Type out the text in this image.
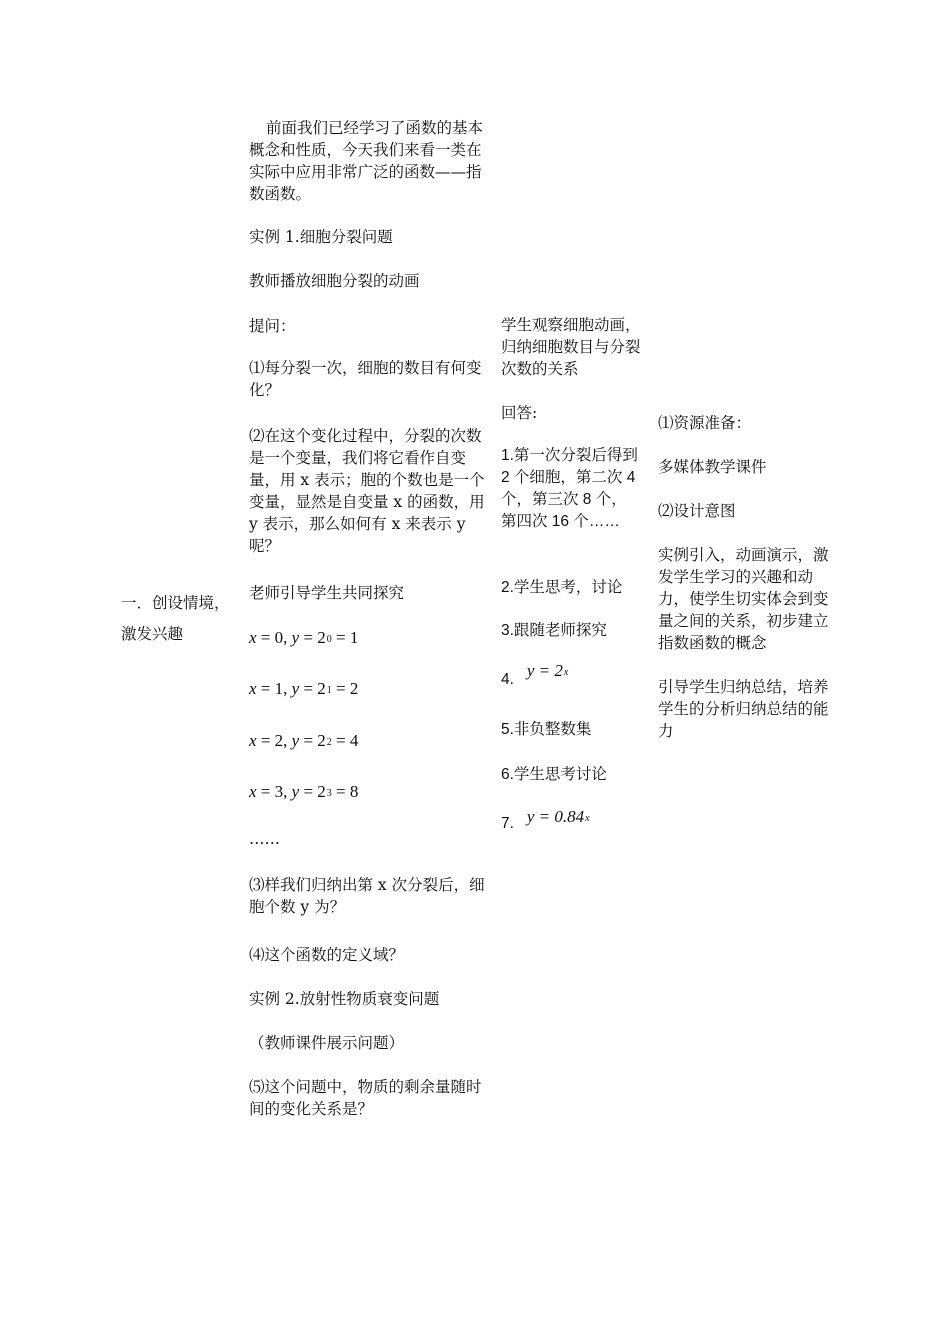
一．创设情境，

激发兴趣

前面我们已经学习了函数的基本概念和性质，今天我们来看一类在实际中应用非常广泛的函数——指数函数。

实例 1.细胞分裂问题

教师播放细胞分裂的动画

提问：

⑴每分裂一次，细胞的数目有何变化？

⑵在这个变化过程中，分裂的次数是一个变量，我们将它看作自变量，用 x 表示；胞的个数也是一个变量，显然是自变量 x 的函数，用 y 表示，那么如何有 x 来表示 y 呢？

老师引导学生共同探究

x = 0, $y = 2^0 = 1$

x = 1, $y = 2^1 = 2$

x = 2, $y = 2^2 = 4$

x = 3, $y = 2^3 = 8$

……

⑶样我们归纳出第 x 次分裂后，细胞个数 y 为？

⑷这个函数的定义域？

实例 2.放射性物质衰变问题

（教师课件展示问题）

⑸这个问题中，物质的剩余量随时间的变化关系是？

学生观察细胞动画，归纳细胞数目与分裂次数的关系

回答:

1.第一次分裂后得到 2 个细胞，第二次 4 个，第三次 8 个，第四次 16 个……

2.学生思考，讨论

3.跟随老师探究

4. $y = 2^x$

5.非负整数集

6.学生思考讨论

7. $y = 0.84^x$

⑴资源准备：

多媒体教学课件

⑵设计意图

实例引入，动画演示，激发学生学习的兴趣和动力，使学生切实体会到变量之间的关系，初步建立指数函数的概念

引导学生归纳总结，培养学生的分析归纳总结的能力
